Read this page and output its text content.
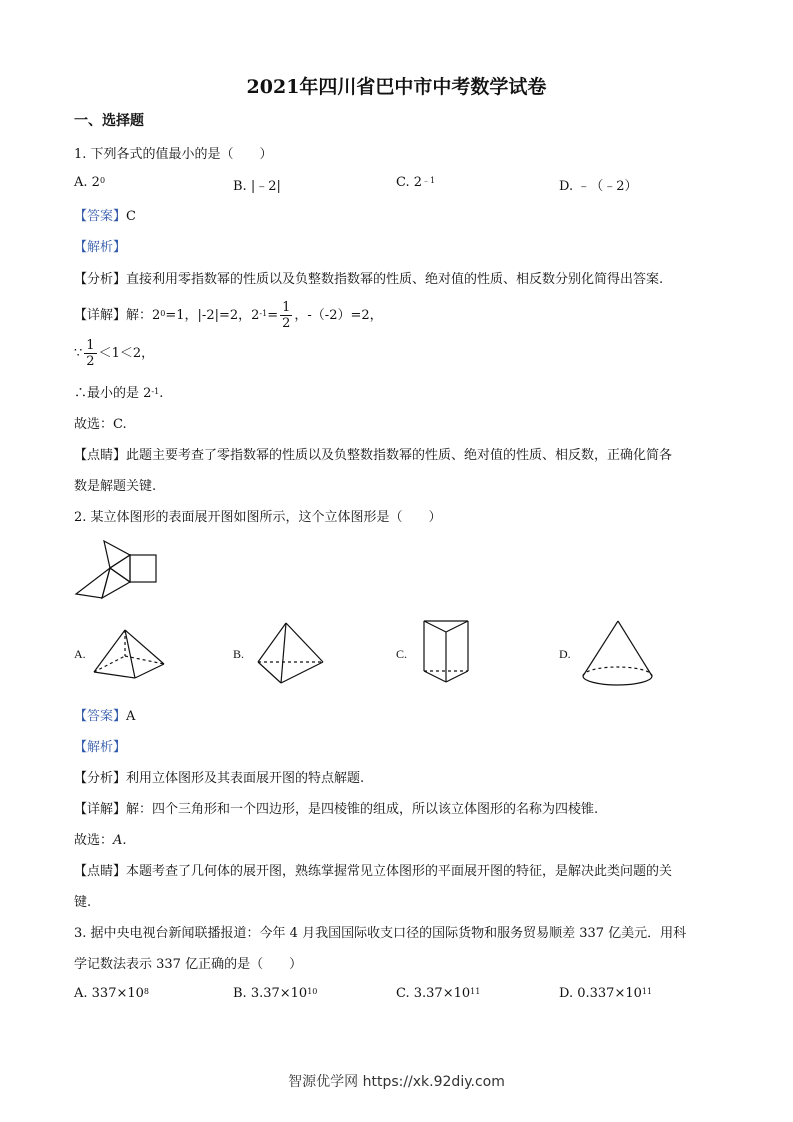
2021年四川省巴中市中考数学试卷
一、选择题
1. 下列各式的值最小的是（　　）
A. $2^0$	B. |﹣2|	C. $2^{﹣1}$	D. ﹣（﹣2）
【答案】C
【解析】
【分析】直接利用零指数幂的性质以及负整数指数幂的性质、绝对值的性质、相反数分别化简得出答案.
【详解】解：$2^0=1$，|-2|=2，$2^{-1}= \frac{1}{2}$ ，-（-2）=2，
∵ $\frac{1}{2} <1<2$，
∴最小的是 $2^{-1}$.
故选：C.
【点睛】此题主要考查了零指数幂的性质以及负整数指数幂的性质、绝对值的性质、相反数，正确化简各
数是解题关键.
2. 某立体图形的表面展开图如图所示，这个立体图形是（　　）
A.	B.	C.	D.
【答案】A
【解析】
【分析】利用立体图形及其表面展开图的特点解题.
【详解】解：四个三角形和一个四边形，是四棱锥的组成，所以该立体图形的名称为四棱锥.
故选：A.
【点睛】本题考查了几何体的展开图，熟练掌握常见立体图形的平面展开图的特征，是解决此类问题的关
键.
3. 据中央电视台新闻联播报道：今年 4 月我国国际收支口径的国际货物和服务贸易顺差 337 亿美元．用科
学记数法表示 337 亿正确的是（　　）
A. $337\times 10^8$	B. $3.37\times 10^{10}$	C. $3.37\times 10^{11}$	D. $0.337\times 10^{11}$
智源优学网 https://xk.92diy.com
